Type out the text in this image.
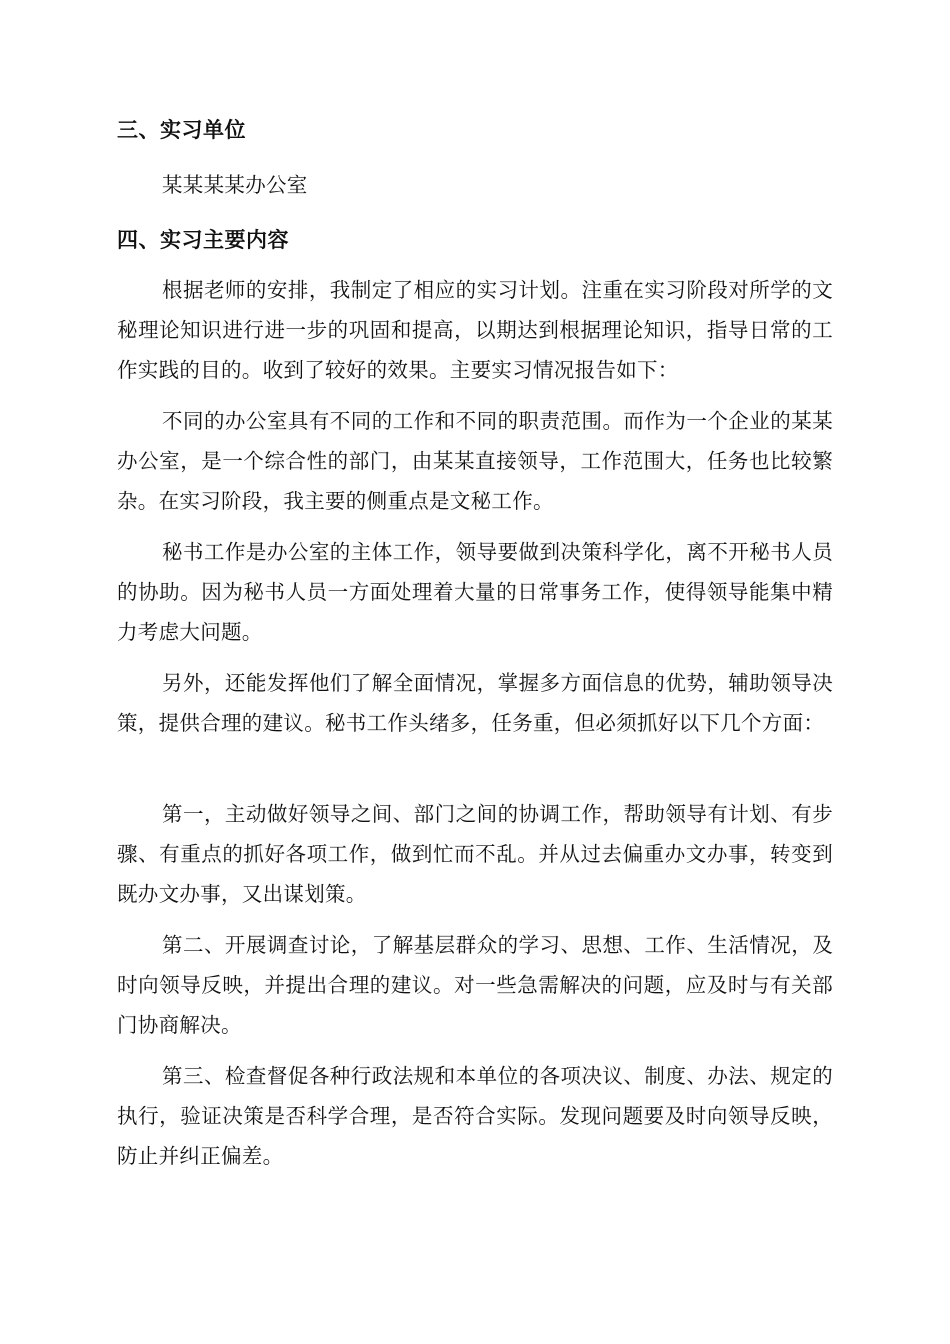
三、实习单位
某某某某办公室
四、实习主要内容
根据老师的安排，我制定了相应的实习计划。注重在实习阶段对所学的文秘理论知识进行进一步的巩固和提高，以期达到根据理论知识，指导日常的工作实践的目的。收到了较好的效果。主要实习情况报告如下：
不同的办公室具有不同的工作和不同的职责范围。而作为一个企业的某某办公室，是一个综合性的部门，由某某直接领导，工作范围大，任务也比较繁杂。在实习阶段，我主要的侧重点是文秘工作。
秘书工作是办公室的主体工作，领导要做到决策科学化，离不开秘书人员的协助。因为秘书人员一方面处理着大量的日常事务工作，使得领导能集中精力考虑大问题。
另外，还能发挥他们了解全面情况，掌握多方面信息的优势，辅助领导决策，提供合理的建议。秘书工作头绪多，任务重，但必须抓好以下几个方面：
第一，主动做好领导之间、部门之间的协调工作，帮助领导有计划、有步骤、有重点的抓好各项工作，做到忙而不乱。并从过去偏重办文办事，转变到既办文办事，又出谋划策。
第二、开展调查讨论，了解基层群众的学习、思想、工作、生活情况，及时向领导反映，并提出合理的建议。对一些急需解决的问题，应及时与有关部门协商解决。
第三、检查督促各种行政法规和本单位的各项决议、制度、办法、规定的执行，验证决策是否科学合理，是否符合实际。发现问题要及时向领导反映，防止并纠正偏差。
